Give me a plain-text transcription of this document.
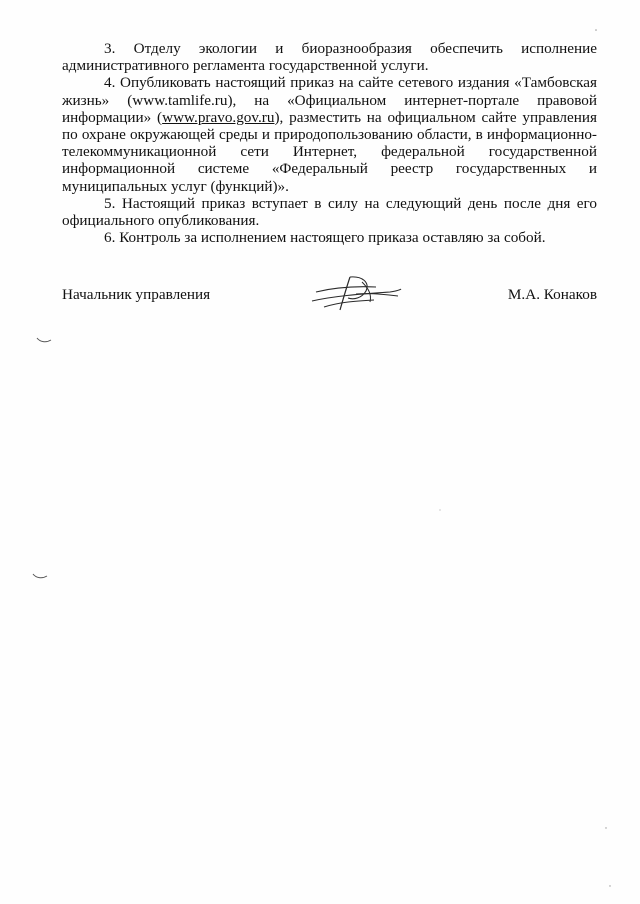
3. Отделу экологии и биоразнообразия обеспечить исполнение административного регламента государственной услуги.

4. Опубликовать настоящий приказ на сайте сетевого издания «Тамбовская жизнь» (www.tamlife.ru), на «Официальном интернет-портале правовой информации» (www.pravo.gov.ru), разместить на официальном сайте управления по охране окружающей среды и природопользованию области, в информационно-телекоммуникационной сети Интернет, федеральной государственной информационной системе «Федеральный реестр государственных и муниципальных услуг (функций)».

5. Настоящий приказ вступает в силу на следующий день после дня его официального опубликования.

6. Контроль за исполнением настоящего приказа оставляю за собой.

Начальник управления	М.А. Конаков
